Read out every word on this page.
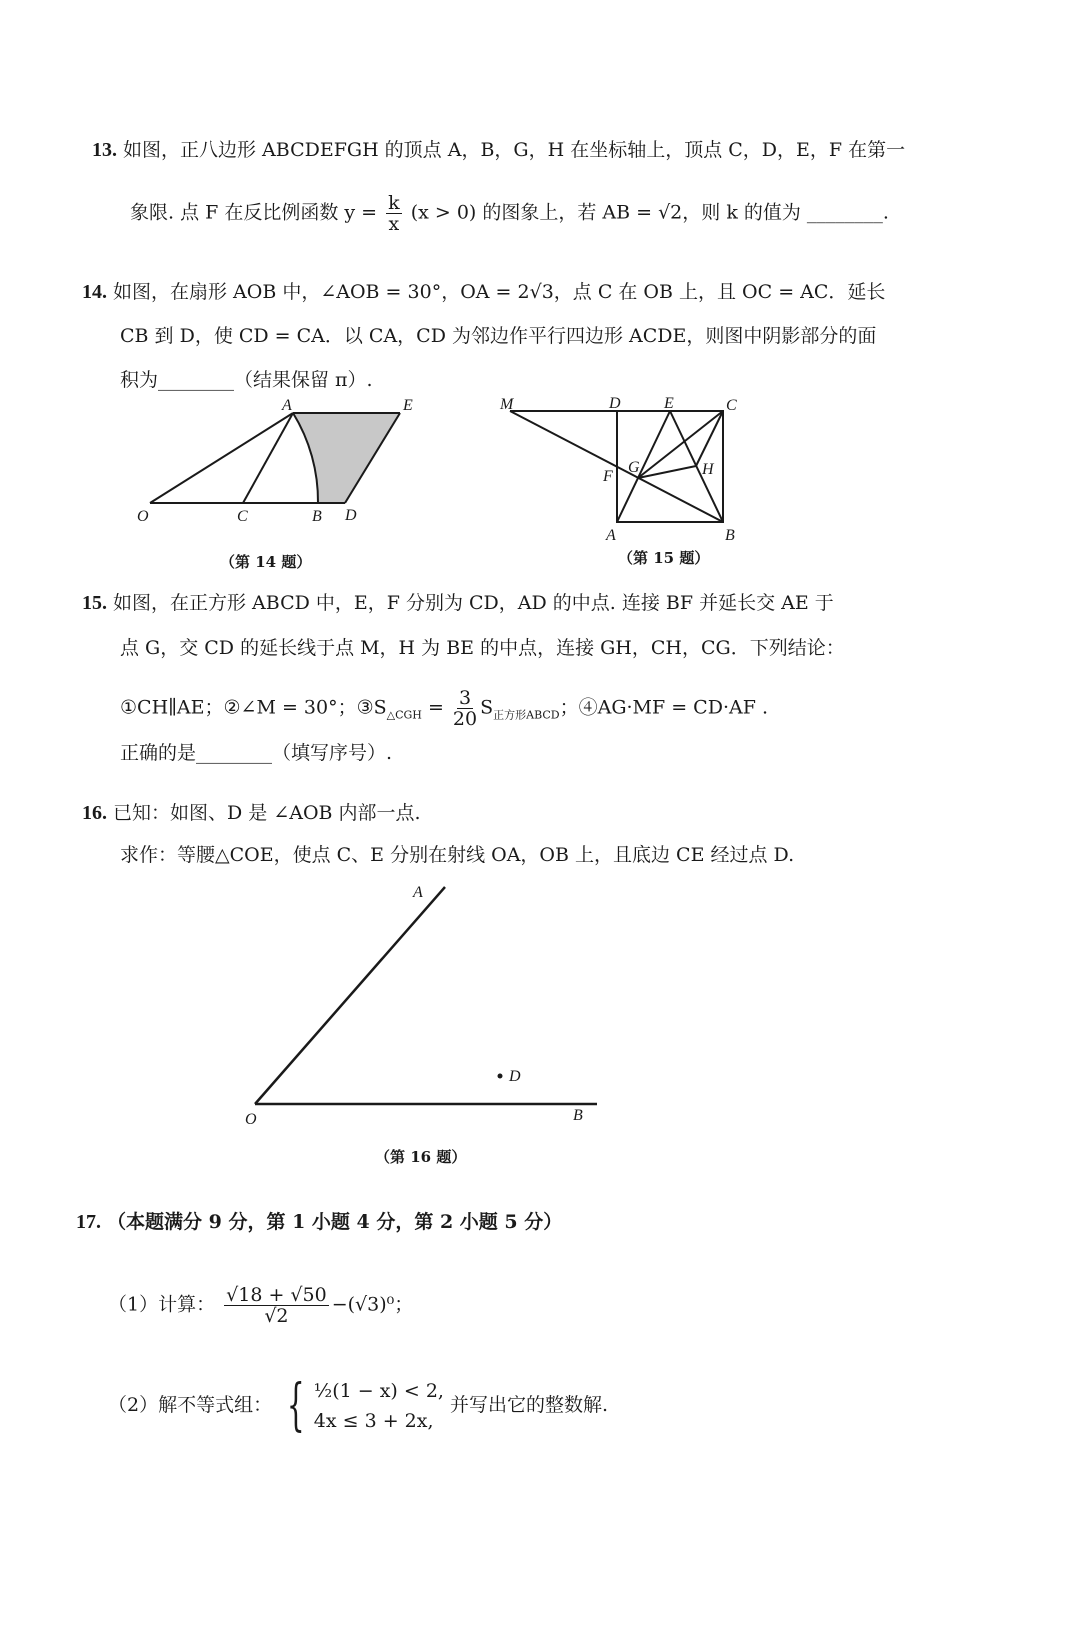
13. 如图，正八边形 ABCDEFGH 的顶点 A，B，G，H 在坐标轴上，顶点 C，D，E，F 在第一
象限. 点 F 在反比例函数 $y = \frac{k}{x} (x > 0)$ 的图象上，若 AB = √2，则 k 的值为 ________.
14. 如图，在扇形 AOB 中，∠AOB = 30°，OA = 2√3，点 C 在 OB 上，且 OC = AC．延长
CB 到 D，使 CD = CA．以 CA，CD 为邻边作平行四边形 ACDE，则图中阴影部分的面
积为________（结果保留 π）.
A	E
O	C	B D
M	D	E	C
F
G	H
A	B
A
O	B
D
（第 14 题）	（第 15 题）
15. 如图，在正方形 ABCD 中，E，F 分别为 CD，AD 的中点. 连接 BF 并延长交 AE 于
点 G，交 CD 的延长线于点 M，H 为 BE 的中点，连接 GH，CH，CG．下列结论：
①CH∥AE；②∠M = 30°；$③S_{\triangle CGH} = \frac{3}{20} S_{正方形ABCD}$；④AG·MF = CD·AF .
正确的是________（填写序号）.
16. 已知：如图、D 是 ∠AOB 内部一点.
求作：等腰△COE，使点 C、E 分别在射线 OA，OB 上，且底边 CE 经过点 D.
（第 16 题）
17. （本题满分 9 分，第 1 小题 4 分，第 2 小题 5 分）
（1）计算： $\frac{√18 + √50}{√2} -(√3)^0$；
（2）解不等式组： { ½(1 − x) < 2,
4x ≤ 3 + 2x,
并写出它的整数解.
